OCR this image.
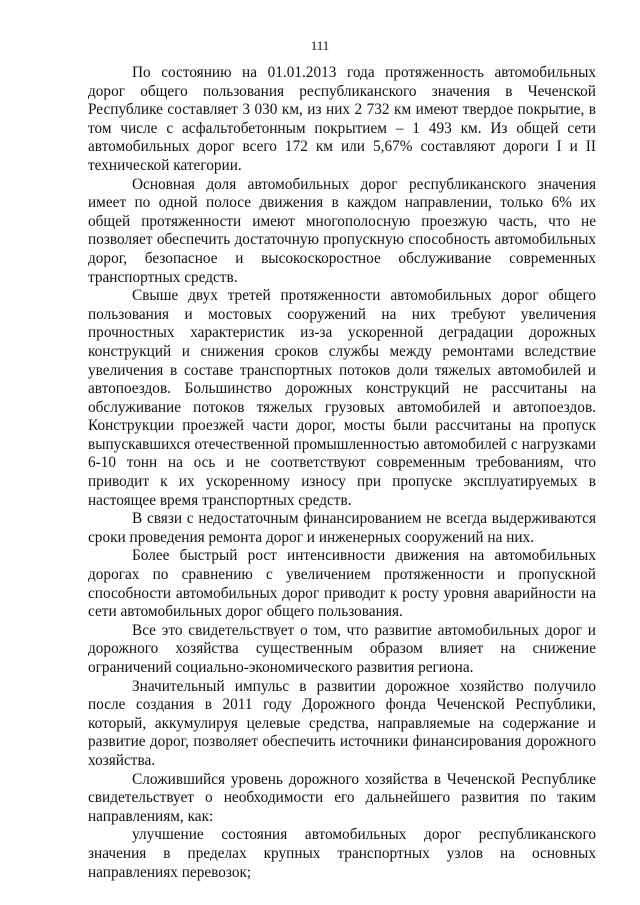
111

По состоянию на 01.01.2013 года протяженность автомобильных дорог общего пользования республиканского значения в Чеченской Республике составляет 3 030 км, из них 2 732 км имеют твердое покрытие, в том числе с асфальтобетонным покрытием – 1 493 км. Из общей сети автомобильных дорог всего 172 км или 5,67% составляют дороги I и II технической категории.

Основная доля автомобильных дорог республиканского значения имеет по одной полосе движения в каждом направлении, только 6% их общей протяженности имеют многополосную проезжую часть, что не позволяет обеспечить достаточную пропускную способность автомобильных дорог, безопасное и высокоскоростное обслуживание современных транспортных средств.

Свыше двух третей протяженности автомобильных дорог общего пользования и мостовых сооружений на них требуют увеличения прочностных характеристик из-за ускоренной деградации дорожных конструкций и снижения сроков службы между ремонтами вследствие увеличения в составе транспортных потоков доли тяжелых автомобилей и автопоездов. Большинство дорожных конструкций не рассчитаны на обслуживание потоков тяжелых грузовых автомобилей и автопоездов. Конструкции проезжей части дорог, мосты были рассчитаны на пропуск выпускавшихся отечественной промышленностью автомобилей с нагрузками 6-10 тонн на ось и не соответствуют современным требованиям, что приводит к их ускоренному износу при пропуске эксплуатируемых в настоящее время транспортных средств.

В связи с недостаточным финансированием не всегда выдерживаются сроки проведения ремонта дорог и инженерных сооружений на них.

Более быстрый рост интенсивности движения на автомобильных дорогах по сравнению с увеличением протяженности и пропускной способности автомобильных дорог приводит к росту уровня аварийности на сети автомобильных дорог общего пользования.

Все это свидетельствует о том, что развитие автомобильных дорог и дорожного хозяйства существенным образом влияет на снижение ограничений социально-экономического развития региона.

Значительный импульс в развитии дорожное хозяйство получило после создания в 2011 году Дорожного фонда Чеченской Республики, который, аккумулируя целевые средства, направляемые на содержание и развитие дорог, позволяет обеспечить источники финансирования дорожного хозяйства.

Сложившийся уровень дорожного хозяйства в Чеченской Республике свидетельствует о необходимости его дальнейшего развития по таким направлениям, как:

улучшение состояния автомобильных дорог республиканского значения в пределах крупных транспортных узлов на основных направлениях перевозок;
